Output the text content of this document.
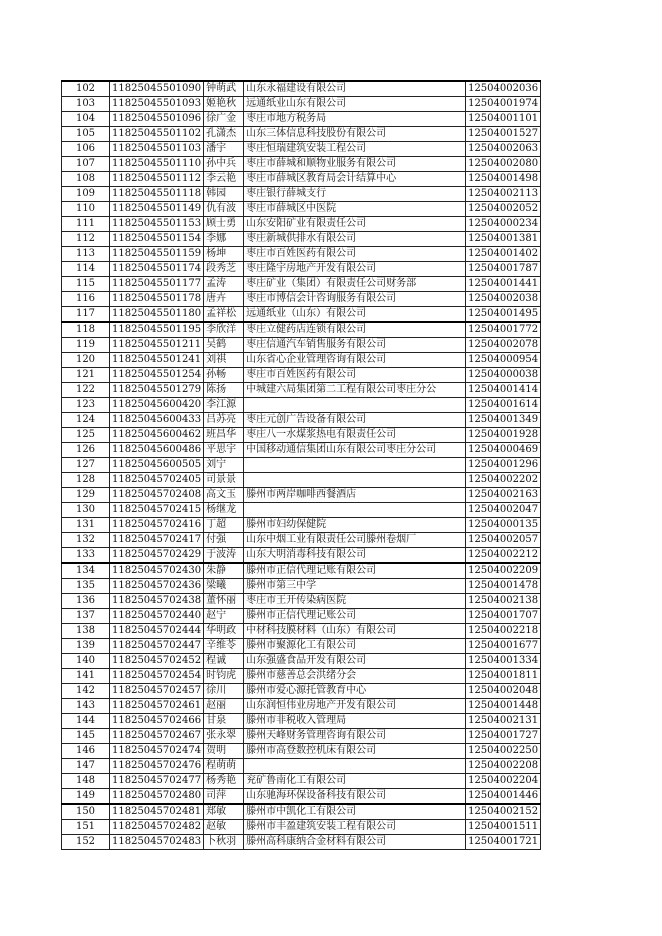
102	11825045501090	钟萌武	山东永福建设有限公司	12504002036
103	11825045501093	姬艳秋	远通纸业山东有限公司	12504001974
104	11825045501096	徐广金	枣庄市地方税务局	12504001101
105	11825045501102	孔潇杰	山东三体信息科技股份有限公司	12504001527
106	11825045501103	潘宇	枣庄恒瑞建筑安装工程公司	12504002063
107	11825045501110	孙中兵	枣庄市薛城和顺物业服务有限公司	12504002080
108	11825045501112	李云艳	枣庄市薛城区教育局会计结算中心	12504001498
109	11825045501118	韩园	枣庄银行薛城支行	12504002113
110	11825045501149	仇有波	枣庄市薛城区中医院	12504002052
111	11825045501153	顾士勇	山东安阳矿业有限责任公司	12504000234
112	11825045501154	李娜	枣庄新城供排水有限公司	12504001381
113	11825045501159	杨坤	枣庄市百姓医药有限公司	12504001402
114	11825045501174	段秀芝	枣庄隆宇房地产开发有限公司	12504001787
115	11825045501177	孟涛	枣庄矿业（集团）有限责任公司财务部	12504001441
116	11825045501178	唐卉	枣庄市博信会计咨询服务有限公司	12504002038
117	11825045501180	孟祥松	远通纸业（山东）有限公司	12504001495
118	11825045501195	李欣洋	枣庄立健药店连锁有限公司	12504001772
119	11825045501211	吴鹤	枣庄信通汽车销售服务有限公司	12504002078
120	11825045501241	刘祺	山东省心企业管理咨询有限公司	12504000954
121	11825045501254	孙畅	枣庄市百姓医药有限公司	12504000038
122	11825045501279	陈扬	中城建六局集团第二工程有限公司枣庄分公	12504001414
123	11825045600420	李江源		12504001614
124	11825045600433	吕苏亮	枣庄元创广告设备有限公司	12504001349
125	11825045600462	班昌华	枣庄八一水煤浆热电有限责任公司	12504001928
126	11825045600486	平思宇	中国移动通信集团山东有限公司枣庄分公司	12504000469
127	11825045600505	刘宁		12504001296
128	11825045702405	司景景		12504002202
129	11825045702408	高文玉	滕州市两岸咖啡西餐酒店	12504002163
130	11825045702415	杨继龙		12504002047
131	11825045702416	丁超	滕州市妇幼保健院	12504000135
132	11825045702417	付强	山东中烟工业有限责任公司滕州卷烟厂	12504002057
133	11825045702429	于波涛	山东大明消毒科技有限公司	12504002212
134	11825045702430	朱静	滕州市正信代理记账有限公司	12504002209
135	11825045702436	梁曦	滕州市第三中学	12504001478
136	11825045702438	董怀丽	枣庄市王开传染病医院	12504002138
137	11825045702440	赵宁	滕州市正信代理记账公司	12504001707
138	11825045702444	华明政	中材科技膜材料（山东）有限公司	12504002218
139	11825045702447	辛维苓	滕州市聚源化工有限公司	12504001677
140	11825045702452	程诚	山东强盛食品开发有限公司	12504001334
141	11825045702454	时钧虎	滕州市慈善总会洪绪分会	12504001811
142	11825045702457	徐川	滕州市爱心源托管教育中心	12504002048
143	11825045702461	赵丽	山东润恒伟业房地产开发有限公司	12504001448
144	11825045702466	甘泉	滕州市非税收入管理局	12504002131
145	11825045702467	张永翠	滕州天峰财务管理咨询有限公司	12504001727
146	11825045702474	贺明	滕州市高登数控机床有限公司	12504002250
147	11825045702476	程萌萌		12504002208
148	11825045702477	杨秀艳	兖矿鲁南化工有限公司	12504002204
149	11825045702480	司萍	山东驰海环保设备科技有限公司	12504001446
150	11825045702481	郑敏	滕州市中凯化工有限公司	12504002152
151	11825045702482	赵敏	滕州市丰盈建筑安装工程有限公司	12504001511
152	11825045702483	卜秋羽	滕州高科康纳合金材料有限公司	12504001721
